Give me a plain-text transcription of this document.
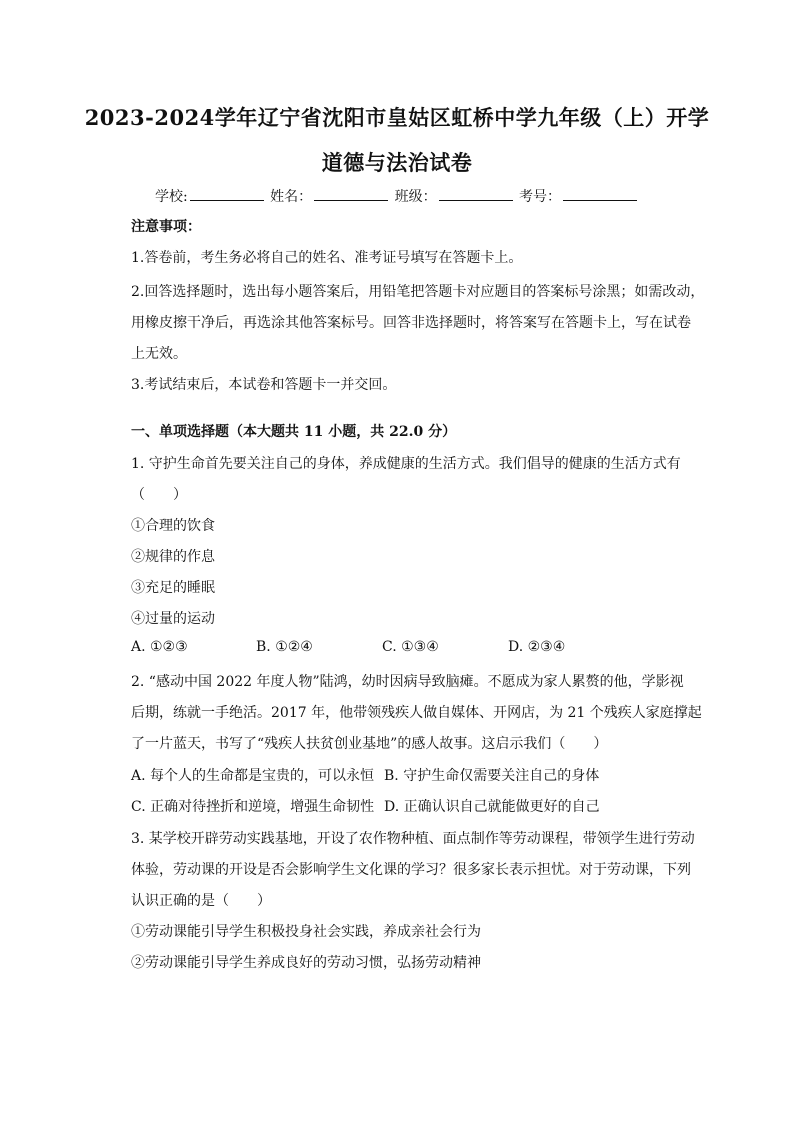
2023-2024学年辽宁省沈阳市皇姑区虹桥中学九年级（上）开学
道德与法治试卷
学校:	姓名：	班级：	考号：
注意事项：
1.答卷前，考生务必将自己的姓名、准考证号填写在答题卡上。
2.回答选择题时，选出每小题答案后，用铅笔把答题卡对应题目的答案标号涂黑；如需改动，
用橡皮擦干净后，再选涂其他答案标号。回答非选择题时，将答案写在答题卡上，写在试卷
上无效。
3.考试结束后，本试卷和答题卡一并交回。
一、单项选择题（本大题共 11 小题，共 22.0 分）
1. 守护生命首先要关注自己的身体，养成健康的生活方式。我们倡导的健康的生活方式有
（　　）
①合理的饮食
②规律的作息
③充足的睡眠
④过量的运动
A. ①②③	B. ①②④	C. ①③④	D. ②③④
2. “感动中国 2022 年度人物”陆鸿，幼时因病导致脑瘫。不愿成为家人累赘的他，学影视
后期，练就一手绝活。2017 年，他带领残疾人做自媒体、开网店，为 21 个残疾人家庭撑起
了一片蓝天，书写了“残疾人扶贫创业基地”的感人故事。这启示我们（　　）
A. 每个人的生命都是宝贵的，可以永恒 B. 守护生命仅需要关注自己的身体
C. 正确对待挫折和逆境，增强生命韧性 D. 正确认识自己就能做更好的自己
3. 某学校开辟劳动实践基地，开设了农作物种植、面点制作等劳动课程，带领学生进行劳动
体验，劳动课的开设是否会影响学生文化课的学习？很多家长表示担忧。对于劳动课，下列
认识正确的是（　　）
①劳动课能引导学生积极投身社会实践，养成亲社会行为
②劳动课能引导学生养成良好的劳动习惯，弘扬劳动精神
